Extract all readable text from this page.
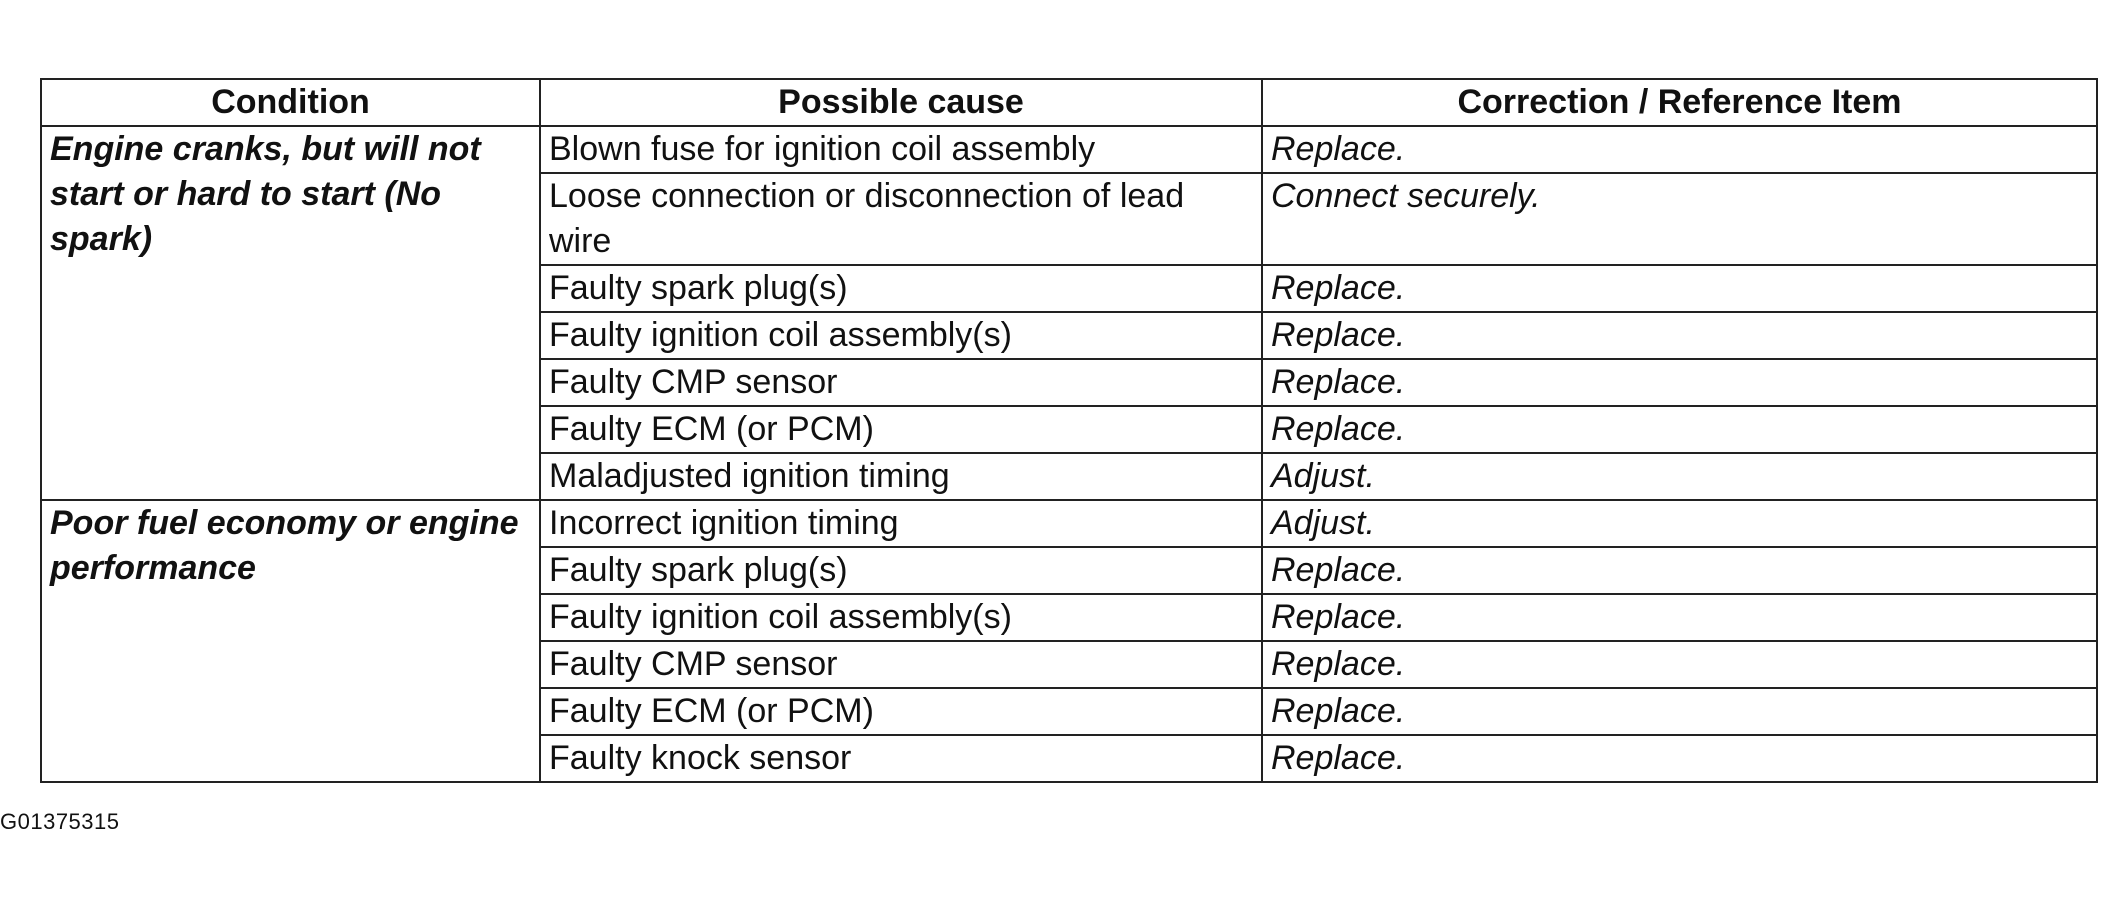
Condition	Possible cause	Correction / Reference Item
Engine cranks, but will not start or hard to start (No spark)	Blown fuse for ignition coil assembly	Replace.
	Loose connection or disconnection of lead wire	Connect securely.
	Faulty spark plug(s)	Replace.
	Faulty ignition coil assembly(s)	Replace.
	Faulty CMP sensor	Replace.
	Faulty ECM (or PCM)	Replace.
	Maladjusted ignition timing	Adjust.
Poor fuel economy or engine performance	Incorrect ignition timing	Adjust.
	Faulty spark plug(s)	Replace.
	Faulty ignition coil assembly(s)	Replace.
	Faulty CMP sensor	Replace.
	Faulty ECM (or PCM)	Replace.
	Faulty knock sensor	Replace.
G01375315
